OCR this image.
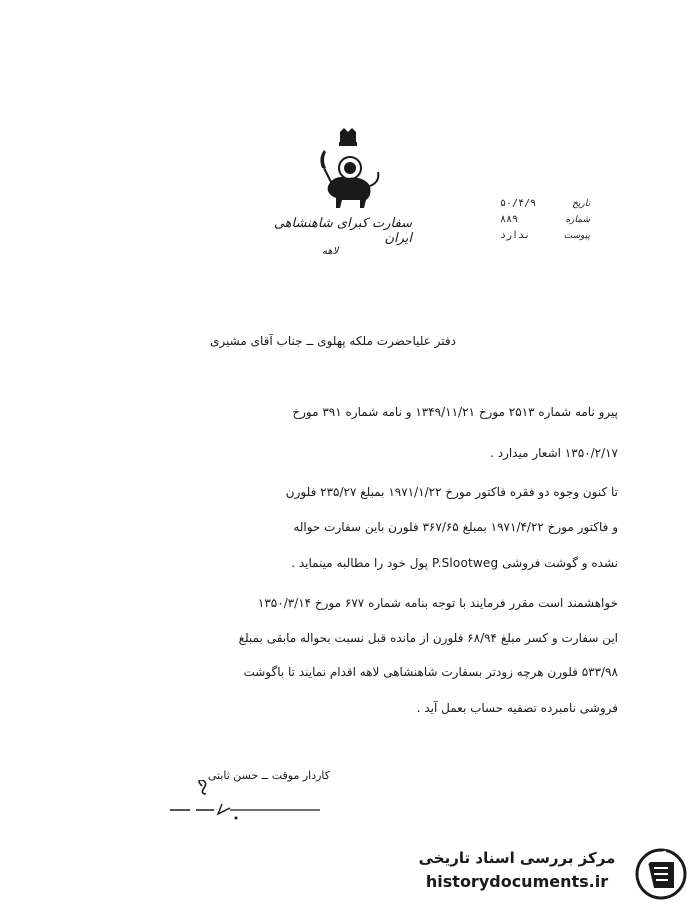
سفارت کبرای شاهنشاهی ایران
لاهه
تاریخ
۵۰/۴/۹
شماره
۸۸۹
پیوست
ندارد
دفتر علیاحضرت ملکه پهلوی ــ جناب آقای مشیری
پیرو نامه شماره ۲۵۱۳ مورخ ۱۳۴۹/۱۱/۲۱ و نامه شماره ۳۹۱ مورخ
۱۳۵۰/۲/۱۷ اشعار میدارد .
تا کنون وجوه دو فقره فاکتور مورخ ۱۹۷۱/۱/۲۲ بمبلغ ۲۳۵/۲۷ فلورن
و فاکتور مورخ ۱۹۷۱/۴/۲۲ بمبلغ ۳۶۷/۶۵ فلورن باین سفارت حواله
نشده و گوشت فروشی P.Slootweg پول خود را مطالبه مینماید .
خواهشمند است مقرر فرمایند با توجه بنامه شماره ۶۷۷ مورخ ۱۳۵۰/۳/۱۴
این سفارت و کسر مبلغ ۶۸/۹۴ فلورن از مانده قبل نسبت بحواله مابقی بمبلغ
۵۳۳/۹۸ فلورن هرچه زودتر بسفارت شاهنشاهی لاهه اقدام نمایند تا باگوشت
فروشی نامبرده تصفیه حساب بعمل آید .
کاردار موقت ــ حسن ثابتی
مرکز بررسی اسناد تاریخی
historydocuments.ir
